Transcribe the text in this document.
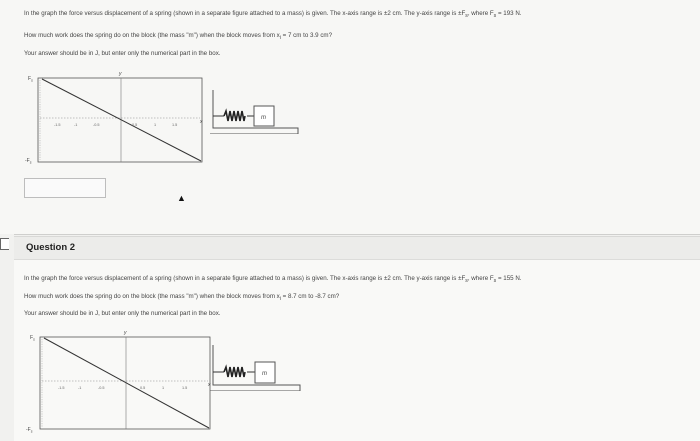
In the graph the force versus displacement of a spring (shown in a separate figure attached to a mass) is given. The x-axis range is ±2 cm. The y-axis range is $\pm F_s$, where $F_s = 193$ N.
How much work does the spring do on the block (the mass "m") when the block moves from $x_i = 7$ cm to 3.9 cm?
Your answer should be in J, but enter only the numerical part in the box.
$F_s$
$-F_s$
y
x
-1.5	-1	-0.5	0.5	1	1.5
m
▲
Question 2
In the graph the force versus displacement of a spring (shown in a separate figure attached to a mass) is given. The x-axis range is ±2 cm. The y-axis range is $\pm F_s$, where $F_s = 155$ N.
How much work does the spring do on the block (the mass "m") when the block moves from $x_i = 8.7$ cm to -8.7 cm?
Your answer should be in J, but enter only the numerical part in the box.
$F_s$
$-F_s$
y
x
-1.5	-1	-0.5	0.5	1	1.5
m
